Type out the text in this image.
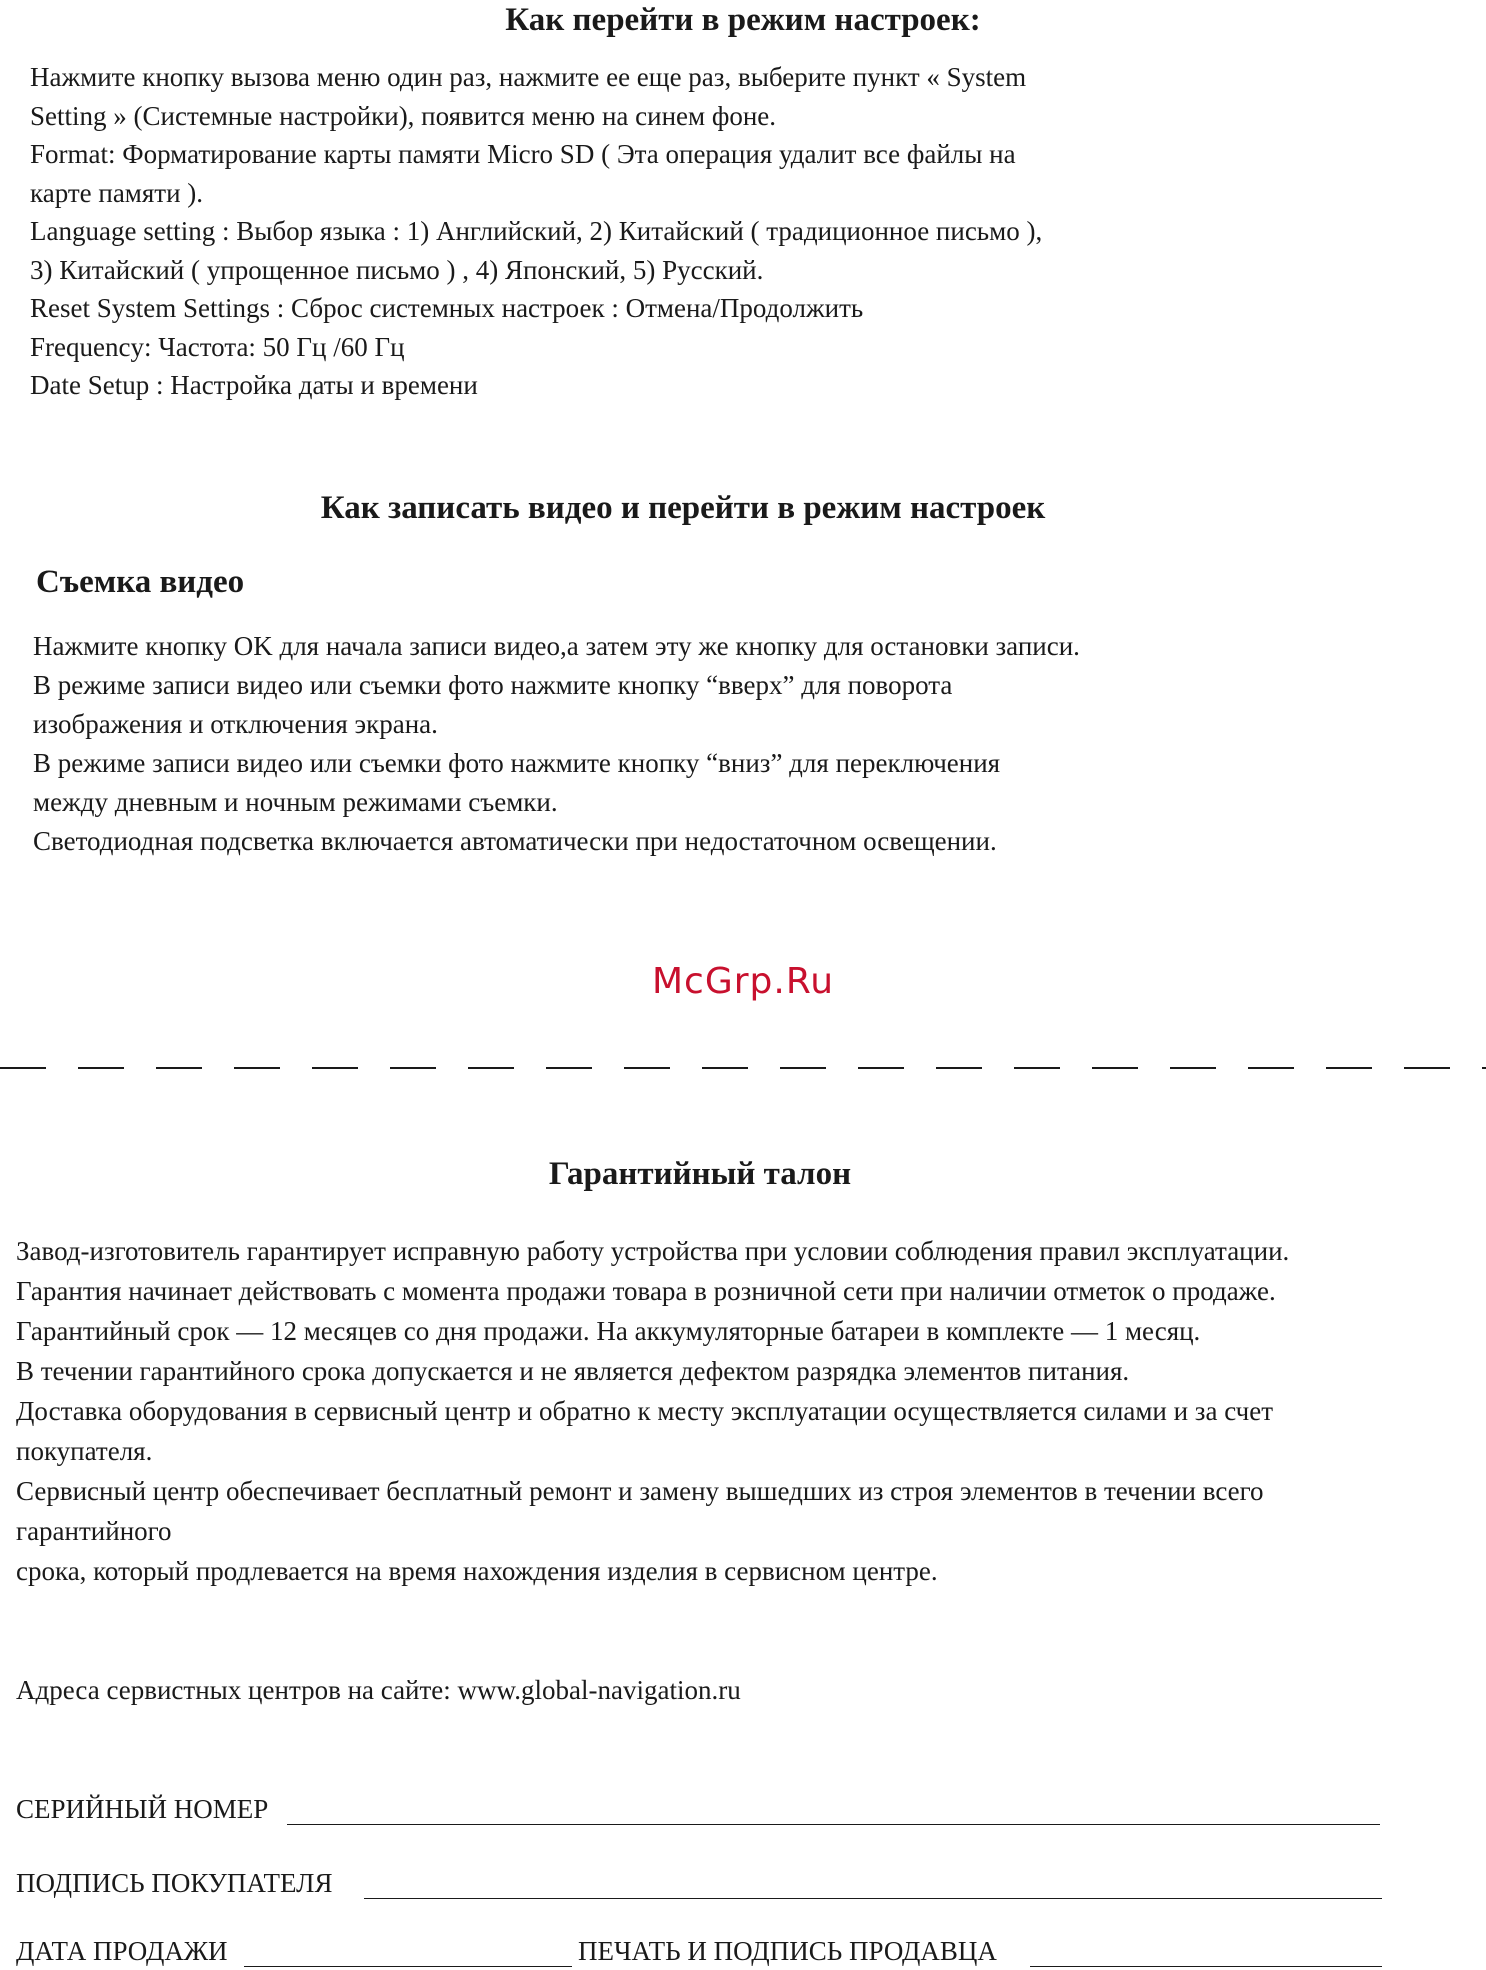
Как перейти в режим настроек:
Нажмите кнопку вызова меню один раз, нажмите ее еще раз, выберите пункт « System
Setting » (Системные настройки), появится меню на синем фоне.
Format: Форматирование карты памяти Micro SD ( Эта операция удалит все файлы на
карте памяти ).
Language setting : Выбор языка : 1) Английский, 2) Китайский ( традиционное письмо ),
3) Китайский ( упрощенное письмо ) , 4) Японский, 5) Русский.
Reset System Settings : Сброс системных настроек : Отмена/Продолжить
Frequency: Частота: 50 Гц /60 Гц
Date Setup : Настройка даты и времени
Как записать видео и перейти в режим настроек
Съемка видео
Нажмите кнопку OK для начала записи видео,а затем эту же кнопку для остановки записи.
В режиме записи видео или съемки фото нажмите кнопку “вверх” для поворота
изображения и отключения экрана.
В режиме записи видео или съемки фото нажмите кнопку “вниз” для переключения
между дневным и ночным режимами съемки.
Светодиодная подсветка включается автоматически при недостаточном освещении.
McGrp.Ru
Гарантийный талон
Завод-изготовитель гарантирует исправную работу устройства при условии соблюдения правил эксплуатации.
Гарантия начинает действовать с момента продажи товара в розничной сети при наличии отметок о продаже.
Гарантийный срок — 12 месяцев со дня продажи. На аккумуляторные батареи в комплекте — 1 месяц.
В течении гарантийного срока допускается и не является дефектом разрядка элементов питания.
Доставка оборудования в сервисный центр и обратно к месту эксплуатации осуществляется силами и за счет
покупателя.
Сервисный центр обеспечивает бесплатный ремонт и замену вышедших из строя элементов в течении всего
гарантийного
срока, который продлевается на время нахождения изделия в сервисном центре.
Адреса сервистных центров на сайте: www.global-navigation.ru
СЕРИЙНЫЙ НОМЕР
ПОДПИСЬ ПОКУПАТЕЛЯ
ДАТА ПРОДАЖИ	ПЕЧАТЬ И ПОДПИСЬ ПРОДАВЦА
